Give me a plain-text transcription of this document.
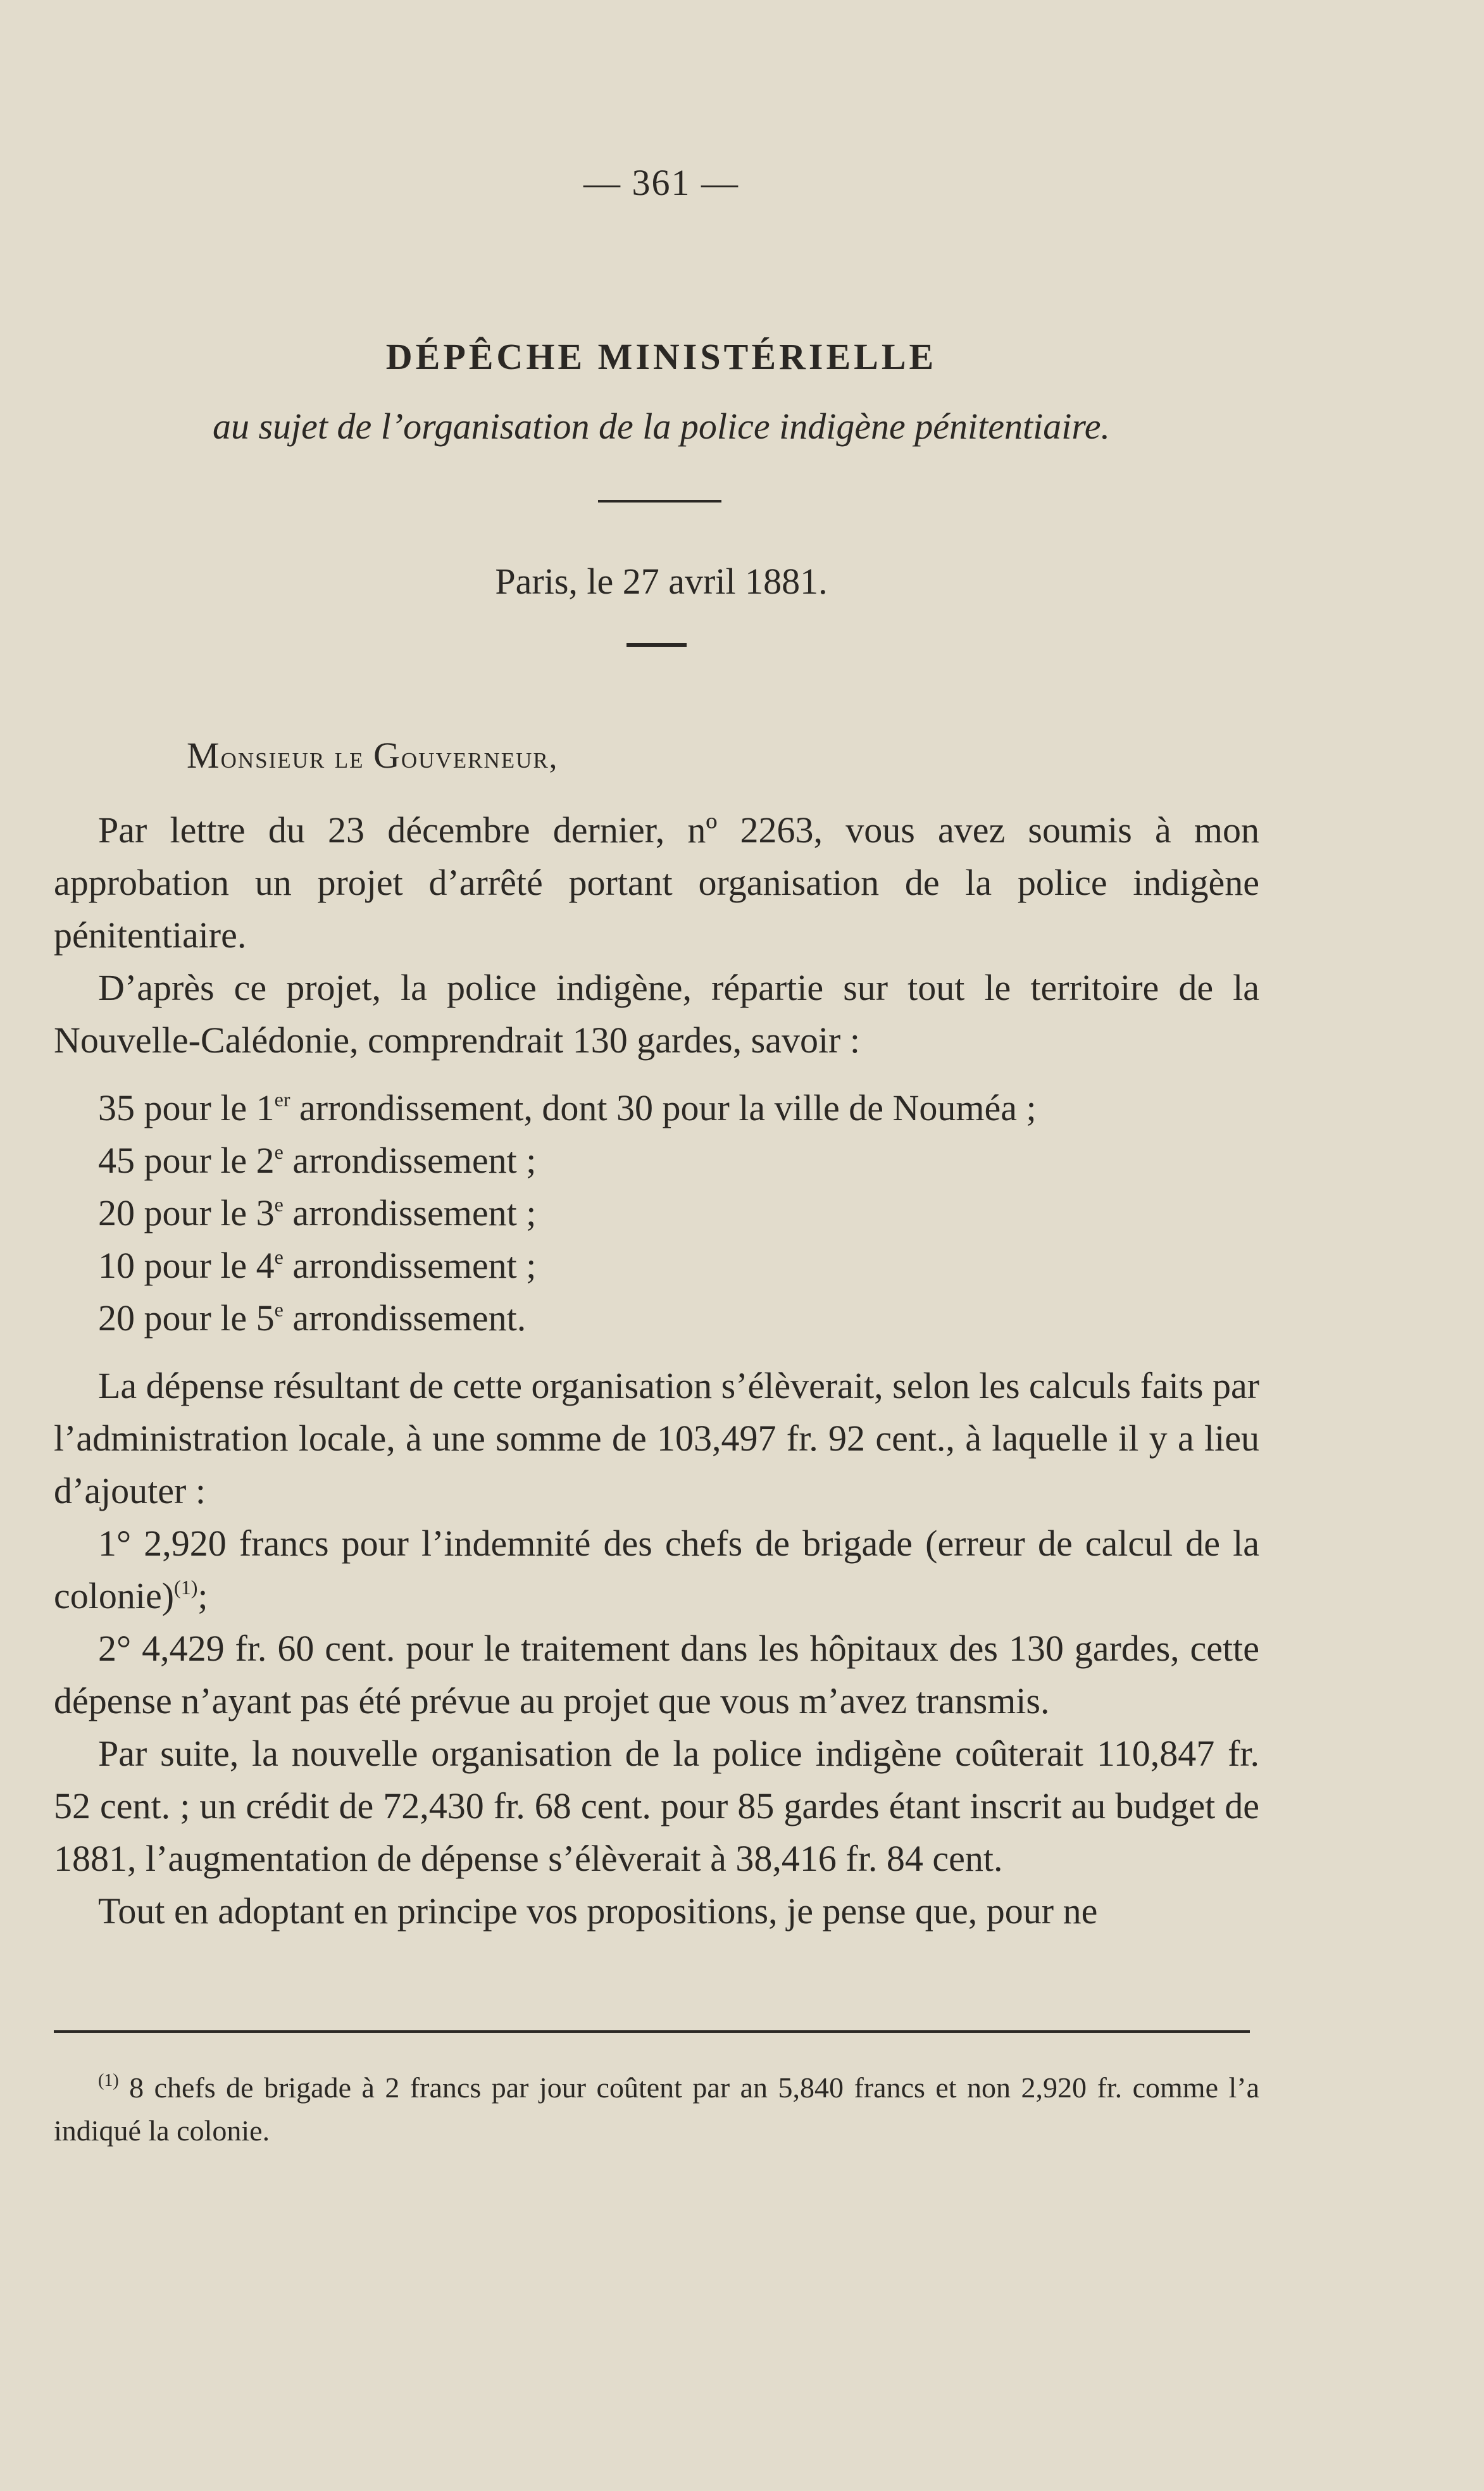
— 361 —
DÉPÊCHE MINISTÉRIELLE
au sujet de l’organisation de la police indigène pénitentiaire.
Paris, le 27 avril 1881.
Monsieur le Gouverneur,

Par lettre du 23 décembre dernier, nº 2263, vous avez soumis à mon approbation un projet d’arrêté portant organisation de la police indigène pénitentiaire.

D’après ce projet, la police indigène, répartie sur tout le territoire de la Nouvelle-Calédonie, comprendrait 130 gardes, savoir :

35 pour le 1er arrondissement, dont 30 pour la ville de Nouméa ;
45 pour le 2e arrondissement ;
20 pour le 3e arrondissement ;
10 pour le 4e arrondissement ;
20 pour le 5e arrondissement.

La dépense résultant de cette organisation s’élèverait, selon les calculs faits par l’administration locale, à une somme de 103,497 fr. 92 cent., à laquelle il y a lieu d’ajouter :

1° 2,920 francs pour l’indemnité des chefs de brigade (erreur de calcul de la colonie)$^{(1)}$;

2° 4,429 fr. 60 cent. pour le traitement dans les hôpitaux des 130 gardes, cette dépense n’ayant pas été prévue au projet que vous m’avez transmis.

Par suite, la nouvelle organisation de la police indigène coûterait 110,847 fr. 52 cent. ; un crédit de 72,430 fr. 68 cent. pour 85 gardes étant inscrit au budget de 1881, l’augmentation de dépense s’élèverait à 38,416 fr. 84 cent.

Tout en adoptant en principe vos propositions, je pense que, pour ne

$^{(1)}$ 8 chefs de brigade à 2 francs par jour coûtent par an 5,840 francs et non 2,920 fr. comme l’a indiqué la colonie.
